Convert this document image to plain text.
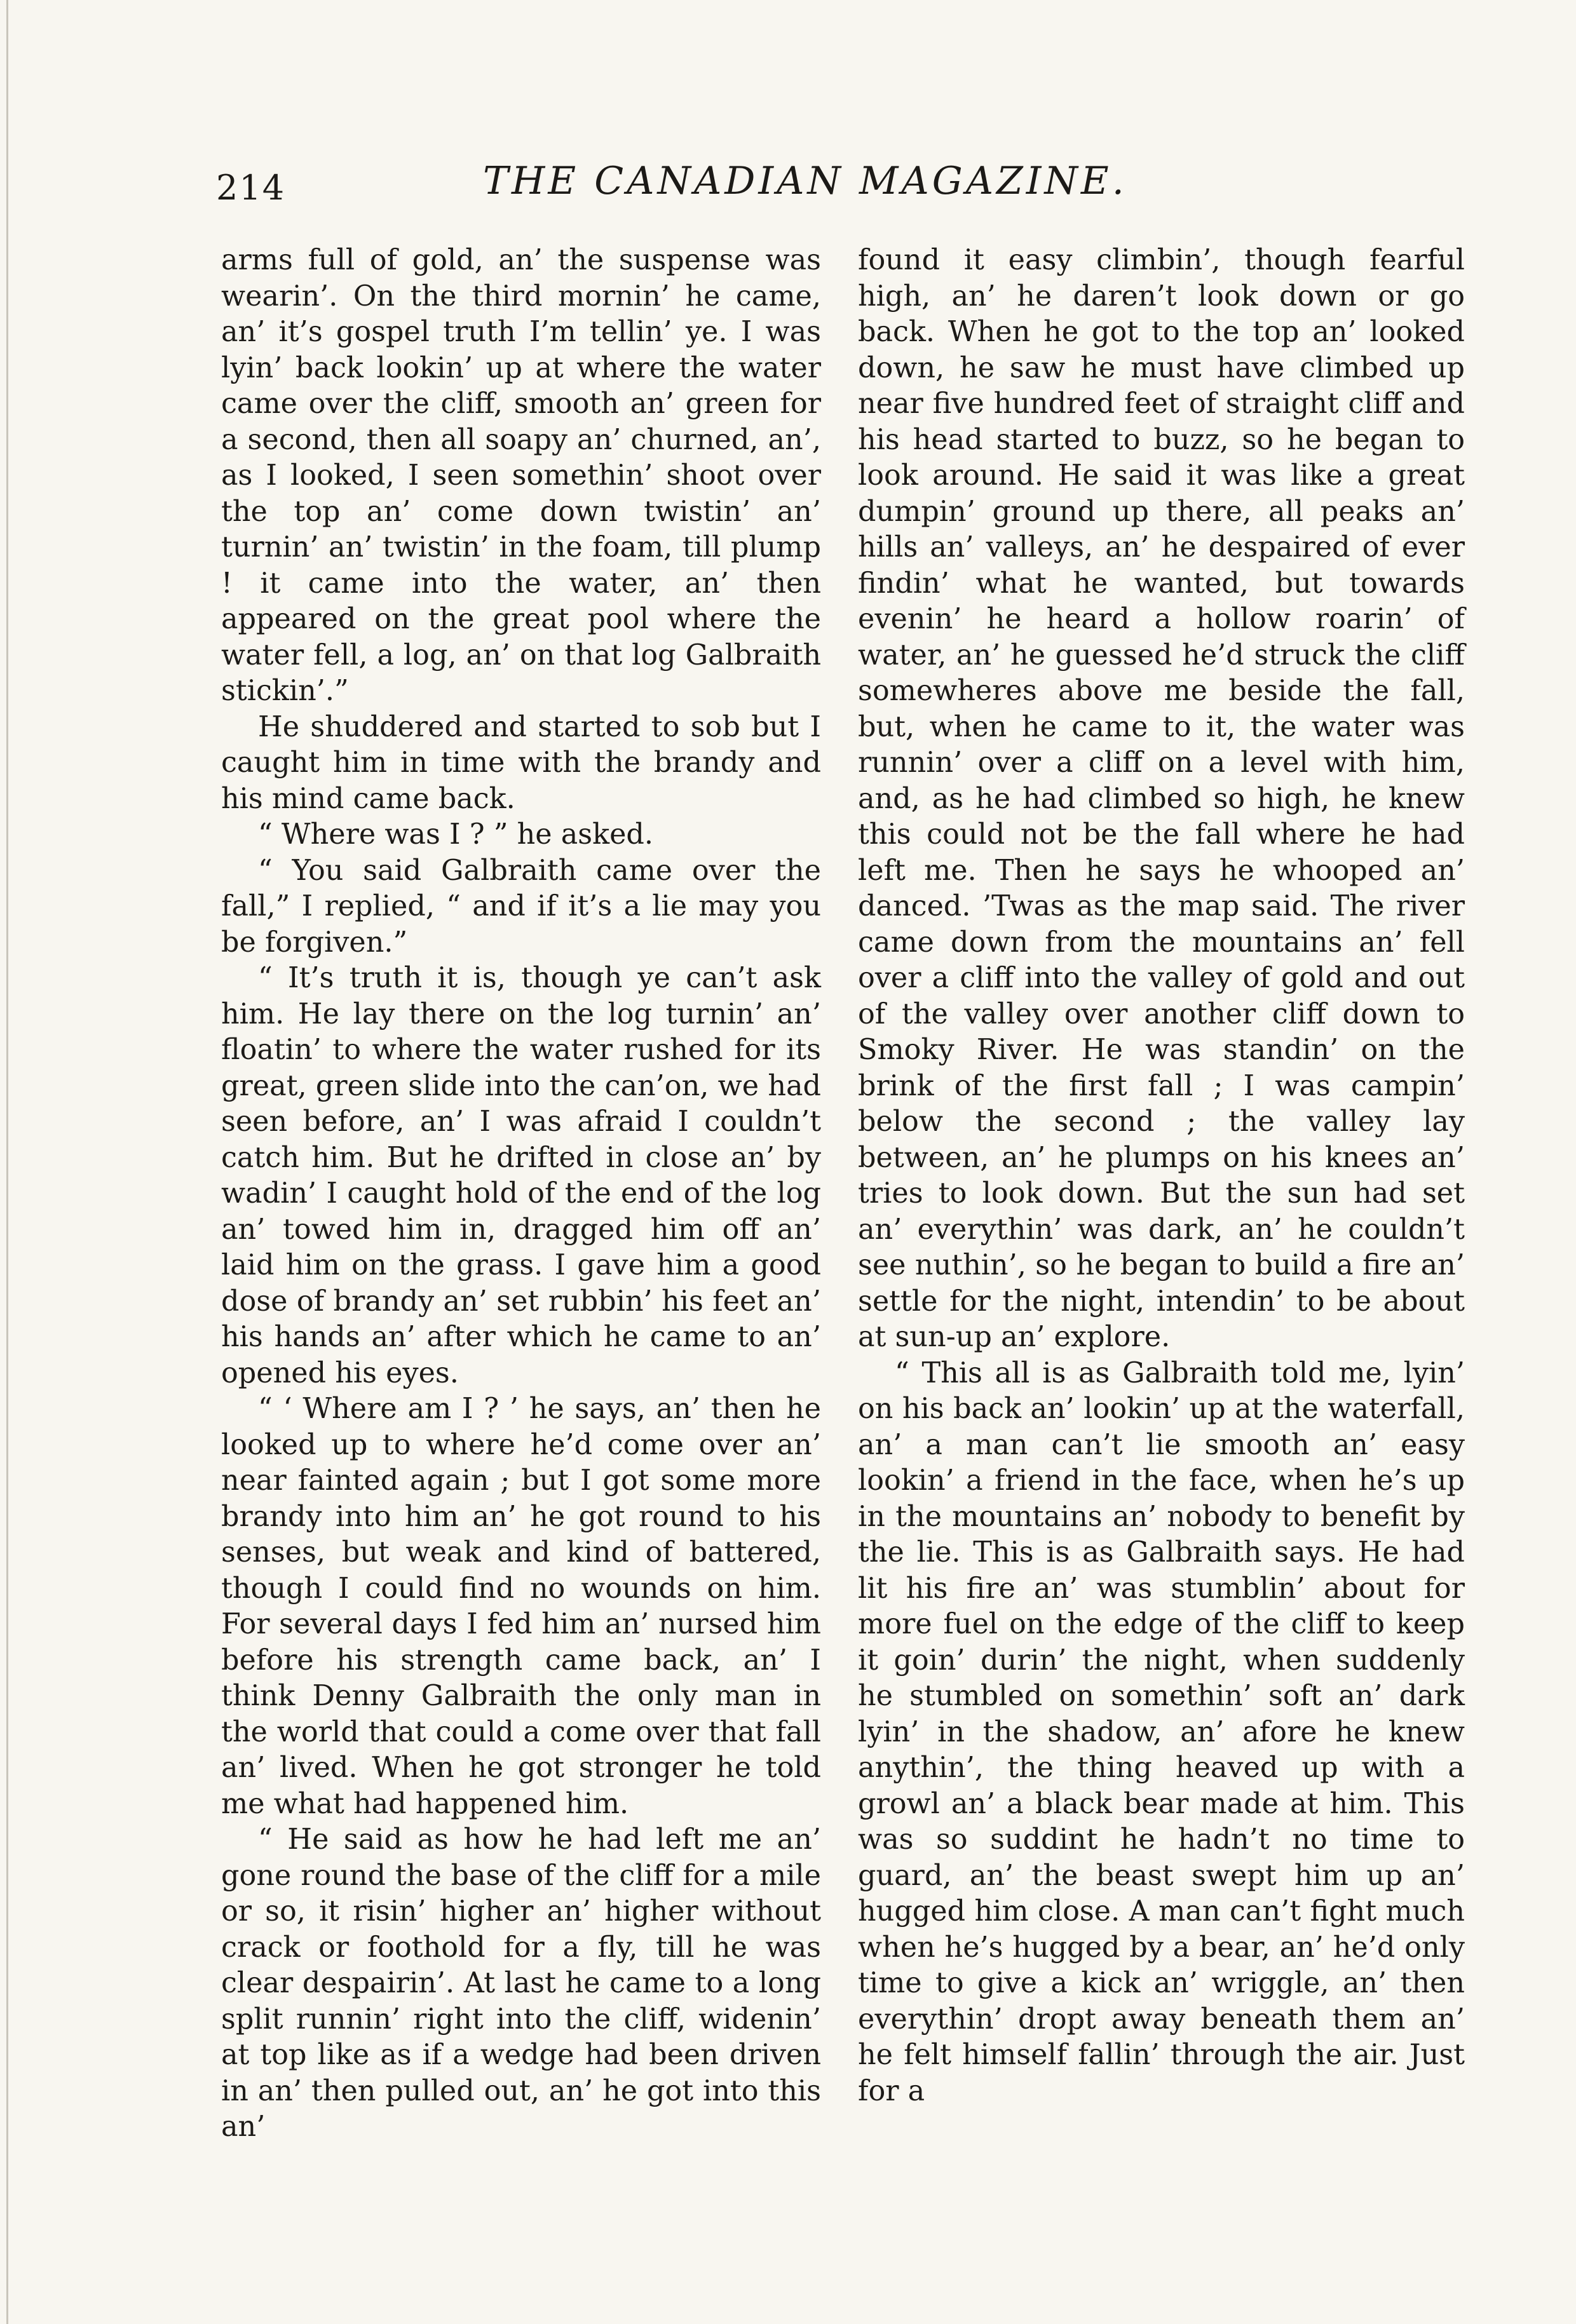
214	THE CANADIAN MAGAZINE.

arms full of gold, an’ the suspense was wearin’. On the third mornin’ he came, an’ it’s gospel truth I’m tellin’ ye. I was lyin’ back lookin’ up at where the water came over the cliff, smooth an’ green for a second, then all soapy an’ churned, an’, as I looked, I seen somethin’ shoot over the top an’ come down twistin’ an’ turnin’ an’ twistin’ in the foam, till plump ! it came into the water, an’ then appeared on the great pool where the water fell, a log, an’ on that log Galbraith stickin’.”

He shuddered and started to sob but I caught him in time with the brandy and his mind came back.

“ Where was I ? ” he asked.

“ You said Galbraith came over the fall,” I replied, “ and if it’s a lie may you be forgiven.”

“ It’s truth it is, though ye can’t ask him. He lay there on the log turnin’ an’ floatin’ to where the water rushed for its great, green slide into the can’on, we had seen before, an’ I was afraid I couldn’t catch him. But he drifted in close an’ by wadin’ I caught hold of the end of the log an’ towed him in, dragged him off an’ laid him on the grass. I gave him a good dose of brandy an’ set rubbin’ his feet an’ his hands an’ after which he came to an’ opened his eyes.

“ ‘ Where am I ? ’ he says, an’ then he looked up to where he’d come over an’ near fainted again ; but I got some more brandy into him an’ he got round to his senses, but weak and kind of battered, though I could find no wounds on him. For several days I fed him an’ nursed him before his strength came back, an’ I think Denny Galbraith the only man in the world that could a come over that fall an’ lived. When he got stronger he told me what had happened him.

“ He said as how he had left me an’ gone round the base of the cliff for a mile or so, it risin’ higher an’ higher without crack or foothold for a fly, till he was clear despairin’. At last he came to a long split runnin’ right into the cliff, widenin’ at top like as if a wedge had been driven in an’ then pulled out, an’ he got into this an’

found it easy climbin’, though fearful high, an’ he daren’t look down or go back. When he got to the top an’ looked down, he saw he must have climbed up near five hundred feet of straight cliff and his head started to buzz, so he began to look around. He said it was like a great dumpin’ ground up there, all peaks an’ hills an’ valleys, an’ he despaired of ever findin’ what he wanted, but towards evenin’ he heard a hollow roarin’ of water, an’ he guessed he’d struck the cliff somewheres above me beside the fall, but, when he came to it, the water was runnin’ over a cliff on a level with him, and, as he had climbed so high, he knew this could not be the fall where he had left me. Then he says he whooped an’ danced. ’Twas as the map said. The river came down from the mountains an’ fell over a cliff into the valley of gold and out of the valley over another cliff down to Smoky River. He was standin’ on the brink of the first fall ; I was campin’ below the second ; the valley lay between, an’ he plumps on his knees an’ tries to look down. But the sun had set an’ everythin’ was dark, an’ he couldn’t see nuthin’, so he began to build a fire an’ settle for the night, intendin’ to be about at sun-up an’ explore.

“ This all is as Galbraith told me, lyin’ on his back an’ lookin’ up at the waterfall, an’ a man can’t lie smooth an’ easy lookin’ a friend in the face, when he’s up in the mountains an’ nobody to benefit by the lie. This is as Galbraith says. He had lit his fire an’ was stumblin’ about for more fuel on the edge of the cliff to keep it goin’ durin’ the night, when suddenly he stumbled on somethin’ soft an’ dark lyin’ in the shadow, an’ afore he knew anythin’, the thing heaved up with a growl an’ a black bear made at him. This was so suddint he hadn’t no time to guard, an’ the beast swept him up an’ hugged him close. A man can’t fight much when he’s hugged by a bear, an’ he’d only time to give a kick an’ wriggle, an’ then everythin’ dropt away beneath them an’ he felt himself fallin’ through the air. Just for a
